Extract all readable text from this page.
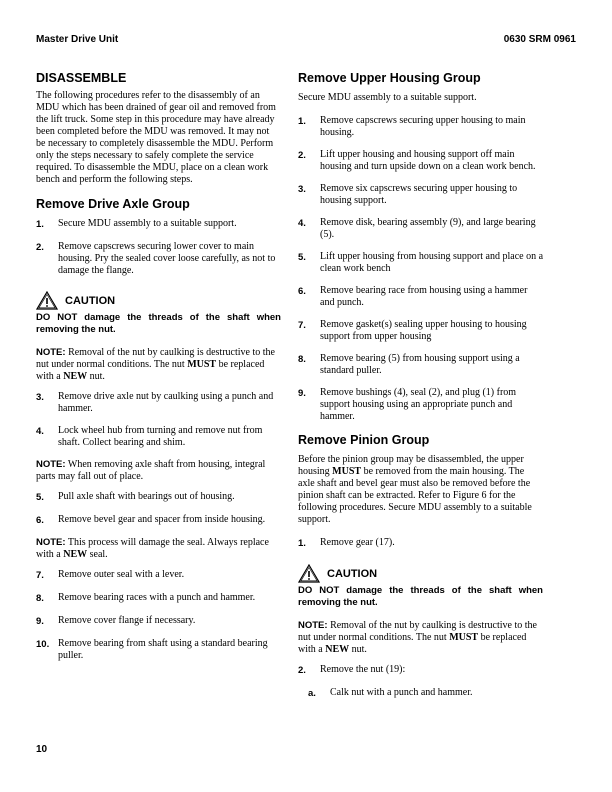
Master Drive Unit	0630 SRM 0961
DISASSEMBLE

The following procedures refer to the disassembly of an MDU which has been drained of gear oil and removed from the lift truck. Some step in this procedure may have already been completed before the MDU was removed. It may not be necessary to completely disassemble the MDU. Perform only the steps necessary to safely complete the service required. To disassemble the MDU, place on a clean work bench and perform the following steps.

Remove Drive Axle Group
1.	Secure MDU assembly to a suitable support.
2.	Remove capscrews securing lower cover to main housing. Pry the sealed cover loose carefully, as not to damage the flange.
CAUTION
DO NOT damage the threads of the shaft when removing the nut.

NOTE: Removal of the nut by caulking is destructive to the nut under normal conditions. The nut MUST be replaced with a NEW nut.

3.	Remove drive axle nut by caulking using a punch and hammer.
4.	Lock wheel hub from turning and remove nut from shaft. Collect bearing and shim.

NOTE: When removing axle shaft from housing, integral parts may fall out of place.

5.	Pull axle shaft with bearings out of housing.
6.	Remove bevel gear and spacer from inside housing.

NOTE: This process will damage the seal. Always replace with a NEW seal.

7.	Remove outer seal with a lever.
8.	Remove bearing races with a punch and hammer.
9.	Remove cover flange if necessary.
10. Remove bearing from shaft using a standard bearing puller.
Remove Upper Housing Group

Secure MDU assembly to a suitable support.

1.	Remove capscrews securing upper housing to main housing.
2.	Lift upper housing and housing support off main housing and turn upside down on a clean work bench.
3.	Remove six capscrews securing upper housing to housing support.
4.	Remove disk, bearing assembly (9), and large bearing (5).
5.	Lift upper housing from housing support and place on a clean work bench
6.	Remove bearing race from housing using a hammer and punch.
7.	Remove gasket(s) sealing upper housing to housing support from upper housing
8.	Remove bearing (5) from housing support using a standard puller.
9.	Remove bushings (4), seal (2), and plug (1) from support housing using an appropriate punch and hammer.
Remove Pinion Group

Before the pinion group may be disassembled, the upper housing MUST be removed from the main housing. The axle shaft and bevel gear must also be removed before the pinion shaft can be extracted. Refer to Figure 6 for the following procedures. Secure MDU assembly to a suitable support.

1.	Remove gear (17).
CAUTION
DO NOT damage the threads of the shaft when removing the nut.

NOTE: Removal of the nut by caulking is destructive to the nut under normal conditions. The nut MUST be replaced with a NEW nut.

2.	Remove the nut (19):
a.	Calk nut with a punch and hammer.
10
